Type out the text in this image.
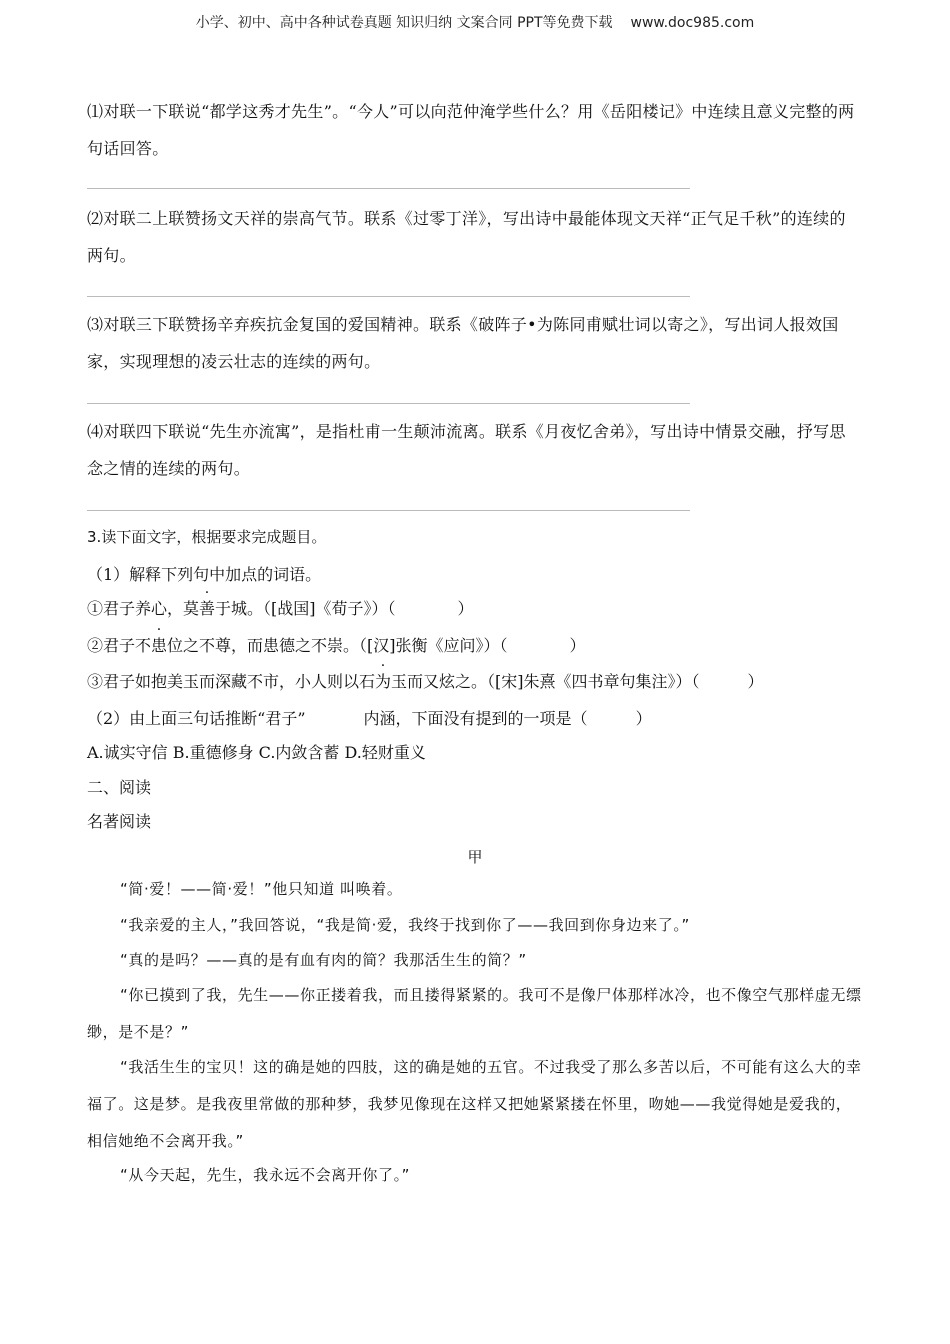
小学、初中、高中各种试卷真题 知识归纳 文案合同 PPT等免费下载 www.doc985.com
⑴对联一下联说“都学这秀才先生”。“今人”可以向范仲淹学些什么？用《岳阳楼记》中连续且意义完整的两句话回答。
⑵对联二上联赞扬文天祥的崇高气节。联系《过零丁洋》，写出诗中最能体现文天祥“正气足千秋”的连续的两句。
⑶对联三下联赞扬辛弃疾抗金复国的爱国精神。联系《破阵子•为陈同甫赋壮词以寄之》，写出词人报效国家，实现理想的凌云壮志的连续的两句。
⑷对联四下联说“先生亦流寓”，是指杜甫一生颠沛流离。联系《月夜忆舍弟》，写出诗中情景交融，抒写思念之情的连续的两句。
3.读下面文字，根据要求完成题目。
（1）解释下列句中加点的词语。
①君子养心，莫善于城。（[战国]《荀子》）（	）
②君子不患位之不尊，而患德之不崇。（[汉]张衡《应问》）（	）
③君子如抱美玉而深藏不市，小人则以石为玉而又炫之。（[宋]朱熹《四书章句集注》）（	）
（2）由上面三句话推断“君子”	内涵，下面没有提到的一项是（	）
A.诚实守信 B.重德修身 C.内敛含蓄 D.轻财重义
二、阅读
名著阅读
甲
“简·爱！——简·爱！”他只知道 叫唤着。
“我亲爱的主人，”我回答说，“我是简·爱，我终于找到你了——我回到你身边来了。”
“真的是吗？——真的是有血有肉的简？我那活生生的简？”
“你已摸到了我，先生——你正搂着我，而且搂得紧紧的。我可不是像尸体那样冰冷，也不像空气那样虚无缥缈，是不是？”
“我活生生的宝贝！这的确是她的四肢，这的确是她的五官。不过我受了那么多苦以后，不可能有这么大的幸福了。这是梦。是我夜里常做的那种梦，我梦见像现在这样又把她紧紧搂在怀里，吻她——我觉得她是爱我的，相信她绝不会离开我。”
“从今天起，先生，我永远不会离开你了。”
